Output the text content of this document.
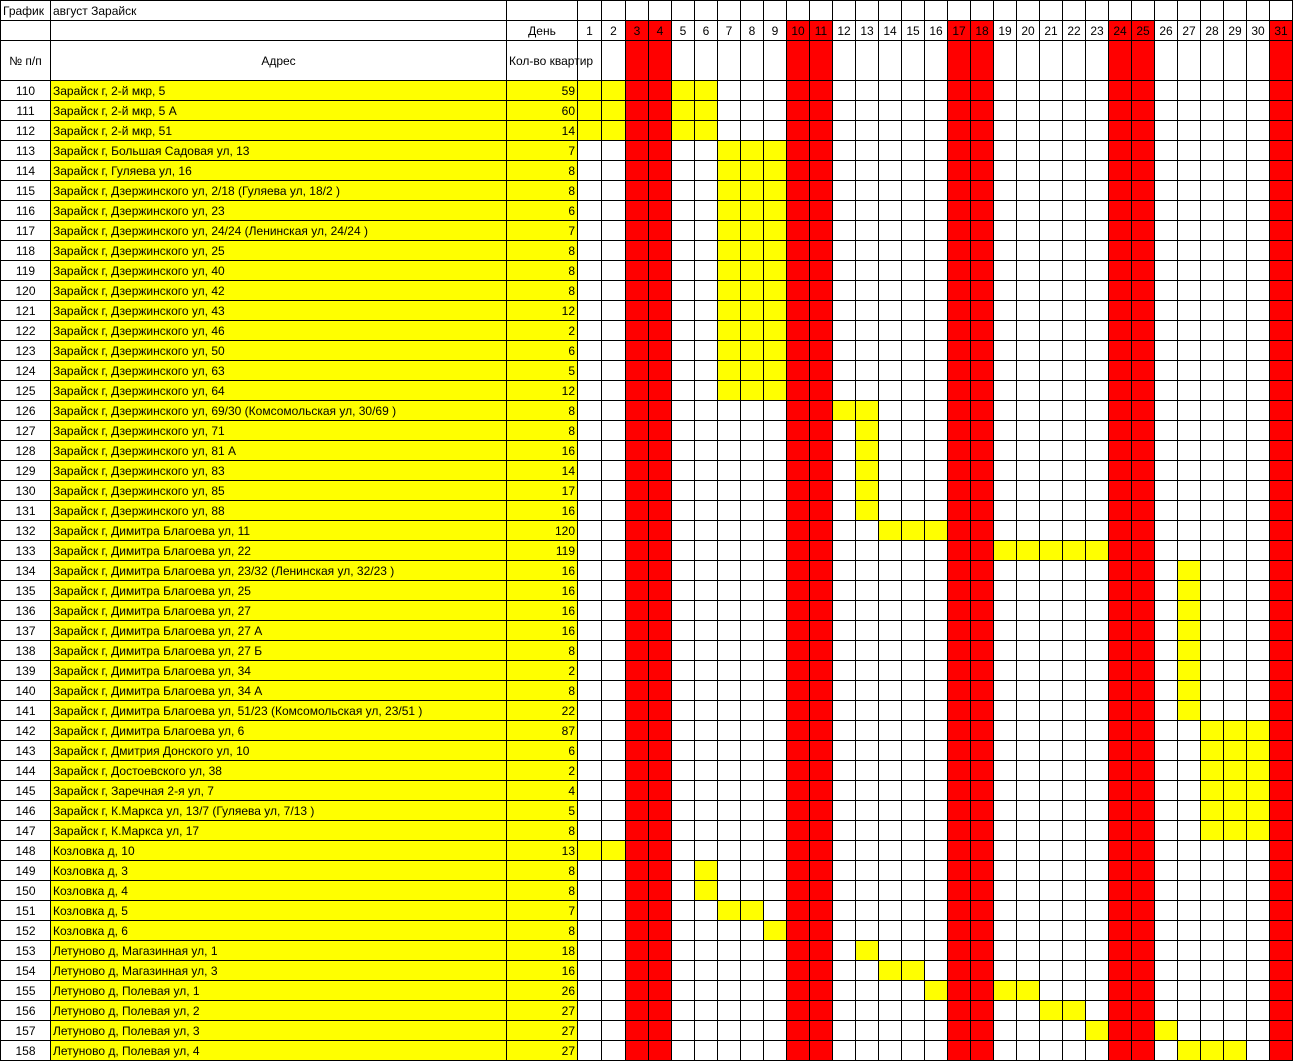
График	август Зарайск																																
		День	1	2	3	4	5	6	7	8	9	10	11	12	13	14	15	16	17	18	19	20	21	22	23	24	25	26	27	28	29	30	31
№ п/п	Адрес	Кол-во квартир																															
110	Зарайск г, 2-й мкр, 5	59																															
111	Зарайск г, 2-й мкр, 5 А	60																															
112	Зарайск г, 2-й мкр, 51	14																															
113	Зарайск г, Большая Садовая ул, 13	7																															
114	Зарайск г, Гуляева ул, 16	8																															
115	Зарайск г, Дзержинского ул, 2/18 (Гуляева ул, 18/2 )	8																															
116	Зарайск г, Дзержинского ул, 23	6																															
117	Зарайск г, Дзержинского ул, 24/24 (Ленинская ул, 24/24 )	7																															
118	Зарайск г, Дзержинского ул, 25	8																															
119	Зарайск г, Дзержинского ул, 40	8																															
120	Зарайск г, Дзержинского ул, 42	8																															
121	Зарайск г, Дзержинского ул, 43	12																															
122	Зарайск г, Дзержинского ул, 46	2																															
123	Зарайск г, Дзержинского ул, 50	6																															
124	Зарайск г, Дзержинского ул, 63	5																															
125	Зарайск г, Дзержинского ул, 64	12																															
126	Зарайск г, Дзержинского ул, 69/30 (Комсомольская ул, 30/69 )	8																															
127	Зарайск г, Дзержинского ул, 71	8																															
128	Зарайск г, Дзержинского ул, 81 А	16																															
129	Зарайск г, Дзержинского ул, 83	14																															
130	Зарайск г, Дзержинского ул, 85	17																															
131	Зарайск г, Дзержинского ул, 88	16																															
132	Зарайск г, Димитра Благоева ул, 11	120																															
133	Зарайск г, Димитра Благоева ул, 22	119																															
134	Зарайск г, Димитра Благоева ул, 23/32 (Ленинская ул, 32/23 )	16																															
135	Зарайск г, Димитра Благоева ул, 25	16																															
136	Зарайск г, Димитра Благоева ул, 27	16																															
137	Зарайск г, Димитра Благоева ул, 27 А	16																															
138	Зарайск г, Димитра Благоева ул, 27 Б	8																															
139	Зарайск г, Димитра Благоева ул, 34	2																															
140	Зарайск г, Димитра Благоева ул, 34 А	8																															
141	Зарайск г, Димитра Благоева ул, 51/23 (Комсомольская ул, 23/51 )	22																															
142	Зарайск г, Димитра Благоева ул, 6	87																															
143	Зарайск г, Дмитрия Донского ул, 10	6																															
144	Зарайск г, Достоевского ул, 38	2																															
145	Зарайск г, Заречная 2-я ул, 7	4																															
146	Зарайск г, К.Маркса ул, 13/7 (Гуляева ул, 7/13 )	5																															
147	Зарайск г, К.Маркса ул, 17	8																															
148	Козловка д, 10	13																															
149	Козловка д, 3	8																															
150	Козловка д, 4	8																															
151	Козловка д, 5	7																															
152	Козловка д, 6	8																															
153	Летуново д, Магазинная ул, 1	18																															
154	Летуново д, Магазинная ул, 3	16																															
155	Летуново д, Полевая ул, 1	26																															
156	Летуново д, Полевая ул, 2	27																															
157	Летуново д, Полевая ул, 3	27																															
158	Летуново д, Полевая ул, 4	27																															
